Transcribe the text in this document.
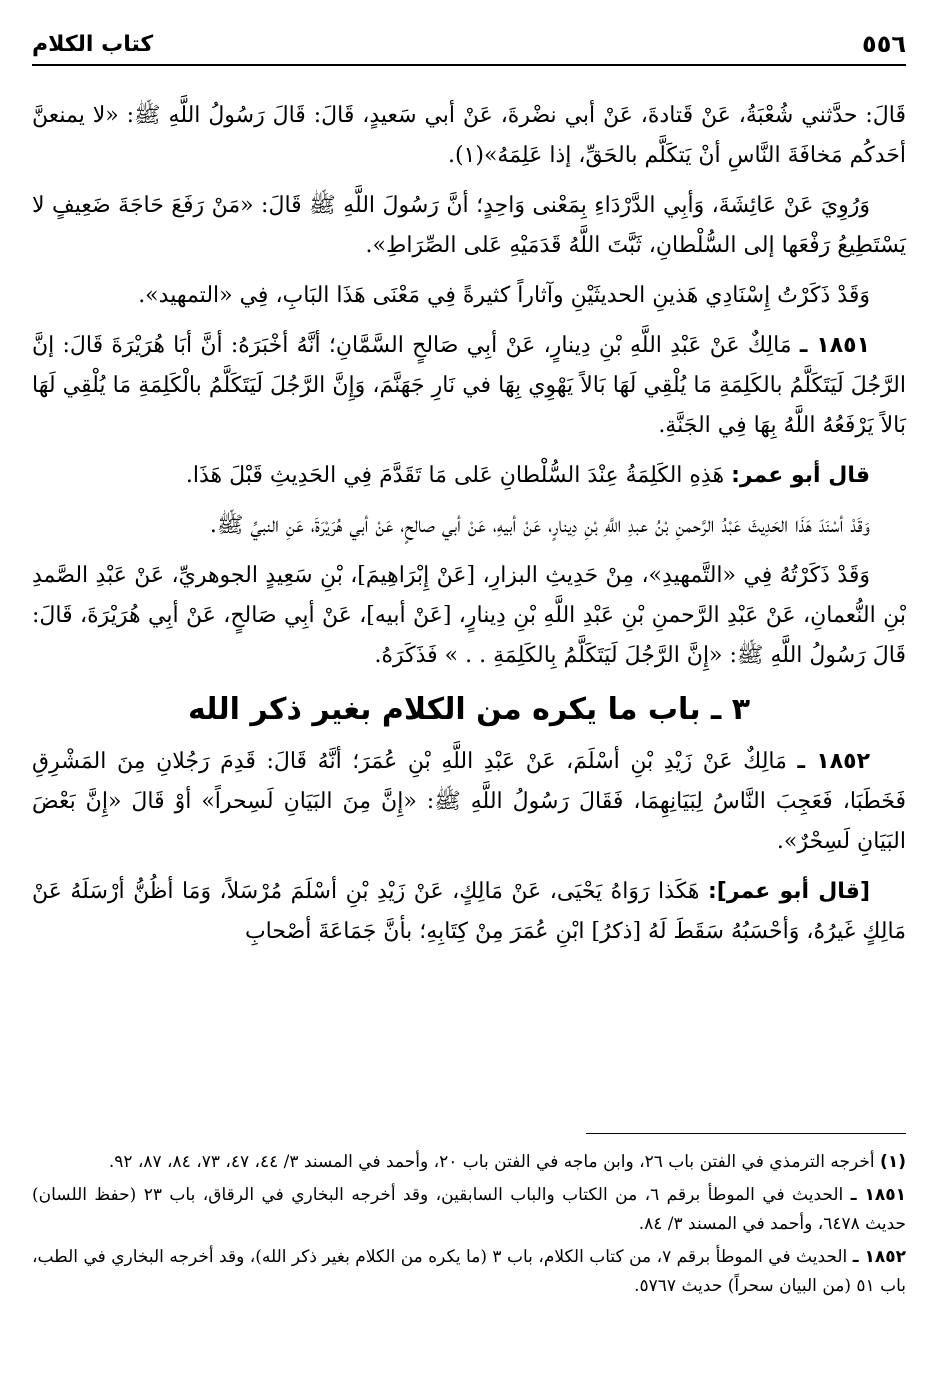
٥٥٦
كتاب الكلام

قَالَ: حدَّثني شُعْبَةُ، عَنْ قَتادةَ، عَنْ أبي نضْرةَ، عَنْ أبي سَعيدٍ، قَالَ: قَالَ رَسُولُ اللَّهِ ﷺ: «لا يمنعنَّ أحَدكُم مَخافَةَ النَّاسِ أنْ يَتكَلَّم بالحَقِّ، إذا عَلِمَهُ»(١).

وَرُوِيَ عَنْ عَائِشَةَ، وَأبِي الدَّرْدَاءِ بِمَعْنى وَاحِدٍ؛ أنَّ رَسُولَ اللَّهِ ﷺ قَالَ: «مَنْ رَفَعَ حَاجَةَ ضَعِيفٍ لا يَسْتَطِيعُ رَفْعَها إلى السُّلْطانِ، ثَبَّتَ اللَّهُ قَدَمَيْهِ عَلى الصِّرَاطِ».

وَقَدْ ذَكَرْتُ إِسْنَادِي هَذينِ الحديثَيْنِ وآثاراً كثيرةً فِي مَعْنَى هَذَا البَابِ، فِي «التمهيد».

١٨٥١ ـ مَالِكٌ عَنْ عَبْدِ اللَّهِ بْنِ دِينارٍ، عَنْ أبِي صَالحٍ السَّمَّانِ؛ أنَّهُ أخْبَرَهُ: أنَّ أبَا هُرَيْرَةَ قَالَ: إنَّ الرَّجُلَ لَيَتَكَلَّمُ بالكَلِمَةِ مَا يُلْقِي لَهَا بَالاً يَهْوِي بِهَا في نَارِ جَهَنَّمَ، وَإِنَّ الرَّجُلَ لَيَتَكَلَّمُ بالْكَلِمَةِ مَا يُلْقِي لَهَا بَالاً يَرْفَعُهُ اللَّهُ بِهَا فِي الجَنَّةِ.

قال أبو عمر: هَذِهِ الكَلِمَةُ عِنْدَ السُّلْطانِ عَلى مَا تَقَدَّمَ فِي الحَدِيثِ قَبْلَ هَذَا.

وَقَدْ أسْنَدَ هَذَا الحَدِيثَ عَبْدُ الرَّحمنِ بْنُ عبدِ اللَّهِ بْنِ دِينارٍ، عَنْ أبيهِ، عَنْ أبي صالحٍ، عَنْ أبي هُرَيْرَةَ، عَنِ النبيِّ ﷺ.

وَقَدْ ذَكَرْتُهُ فِي «التَّمهيدِ»، مِنْ حَدِيثِ البزارِ، [عَنْ إِبْرَاهِيمَ]، بْنِ سَعِيدٍ الجوهريِّ، عَنْ عَبْدِ الصَّمدِ بْنِ النُّعمانِ، عَنْ عَبْدِ الرَّحمنِ بْنِ عَبْدِ اللَّهِ بْنِ دِينارٍ، [عَنْ أبيه]، عَنْ أبِي صَالحٍ، عَنْ أبِي هُرَيْرَةَ، قَالَ: قَالَ رَسُولُ اللَّهِ ﷺ: «إِنَّ الرَّجُلَ لَيَتَكَلَّمُ بِالكَلِمَةِ . . » فَذَكَرَهُ.

٣ ـ باب ما يكره من الكلام بغير ذكر الله

١٨٥٢ ـ مَالِكٌ عَنْ زَيْدِ بْنِ أسْلَمَ، عَنْ عَبْدِ اللَّهِ بْنِ عُمَرَ؛ أنَّهُ قَالَ: قَدِمَ رَجُلانِ مِنَ المَشْرِقِ فَخَطَبَا، فَعَجِبَ النَّاسُ لِبَيَانِهِمَا، فَقَالَ رَسُولُ اللَّهِ ﷺ: «إِنَّ مِنَ البَيَانِ لَسِحراً» أوْ قَالَ «إِنَّ بَعْضَ البَيَانِ لَسِحْرٌ».

[قال أبو عمر]: هَكَذا رَوَاهُ يَحْيَى، عَنْ مَالِكٍ، عَنْ زَيْدِ بْنِ أسْلَمَ مُرْسَلاً، وَمَا أظُنُّ أرْسَلَهُ عَنْ مَالِكٍ غَيرُهُ، وَأحْسَبُهُ سَقَطَ لَهُ [ذكرُ] ابْنِ عُمَرَ مِنْ كِتَابِهِ؛ بأنَّ جَمَاعَةَ أصْحابِ

(١) أخرجه الترمذي في الفتن باب ٢٦، وابن ماجه في الفتن باب ٢٠، وأحمد في المسند ٣/ ٤٤، ٤٧، ٧٣، ٨٤، ٨٧، ٩٢.

١٨٥١ ـ الحديث في الموطأ برقم ٦، من الكتاب والباب السابقين، وقد أخرجه البخاري في الرقاق، باب ٢٣ (حفظ اللسان) حديث ٦٤٧٨، وأحمد في المسند ٣/ ٨٤.

١٨٥٢ ـ الحديث في الموطأ برقم ٧، من كتاب الكلام، باب ٣ (ما يكره من الكلام بغير ذكر الله)، وقد أخرجه البخاري في الطب، باب ٥١ (من البيان سحراً) حديث ٥٧٦٧.
